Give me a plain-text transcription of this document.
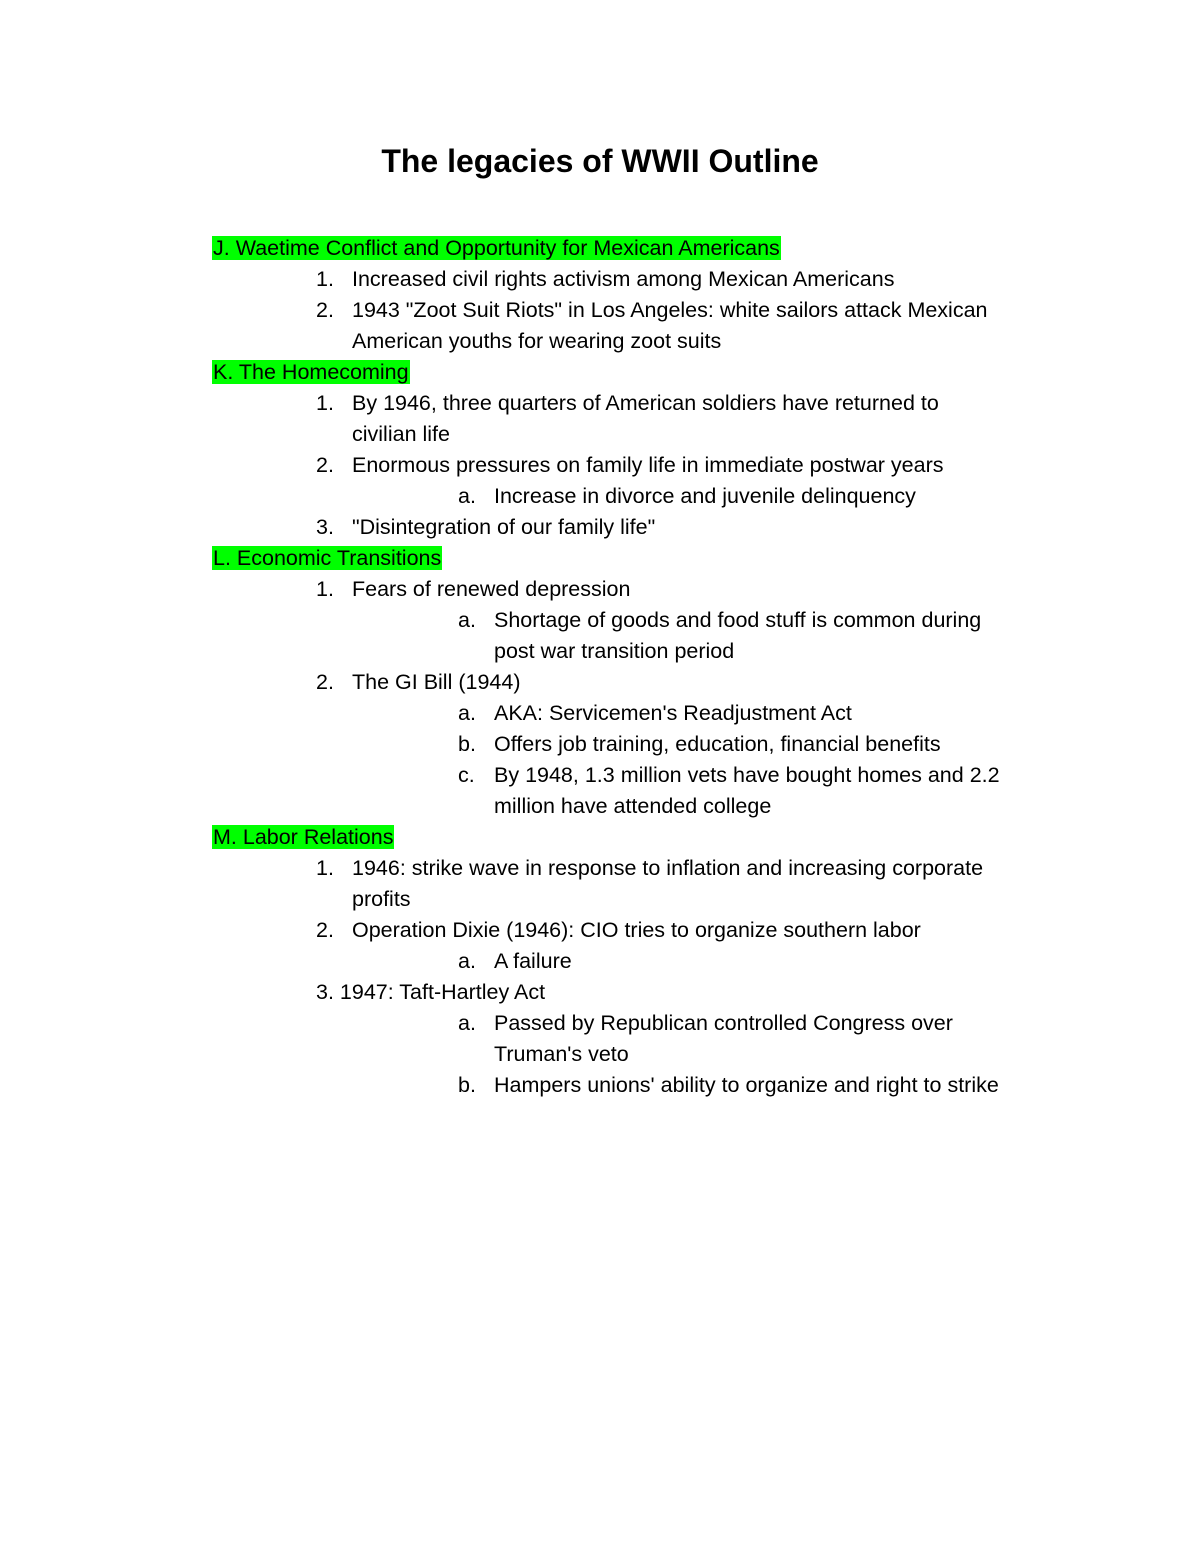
The legacies of WWII Outline
J. Waetime Conflict and Opportunity for Mexican Americans
1. Increased civil rights activism among Mexican Americans
2. 1943 "Zoot Suit Riots" in Los Angeles: white sailors attack Mexican
American youths for wearing zoot suits
K. The Homecoming
1. By 1946, three quarters of American soldiers have returned to
civilian life
2. Enormous pressures on family life in immediate postwar years
a. Increase in divorce and juvenile delinquency
3. "Disintegration of our family life"
L. Economic Transitions
1. Fears of renewed depression
a. Shortage of goods and food stuff is common during
post war transition period
2. The GI Bill (1944)
a. AKA: Servicemen's Readjustment Act
b. Offers job training, education, financial benefits
c. By 1948, 1.3 million vets have bought homes and 2.2
million have attended college
M. Labor Relations
1. 1946: strike wave in response to inflation and increasing corporate
profits
2. Operation Dixie (1946): CIO tries to organize southern labor
a. A failure
3. 1947: Taft-Hartley Act
a. Passed by Republican controlled Congress over
Truman's veto
b. Hampers unions' ability to organize and right to strike
